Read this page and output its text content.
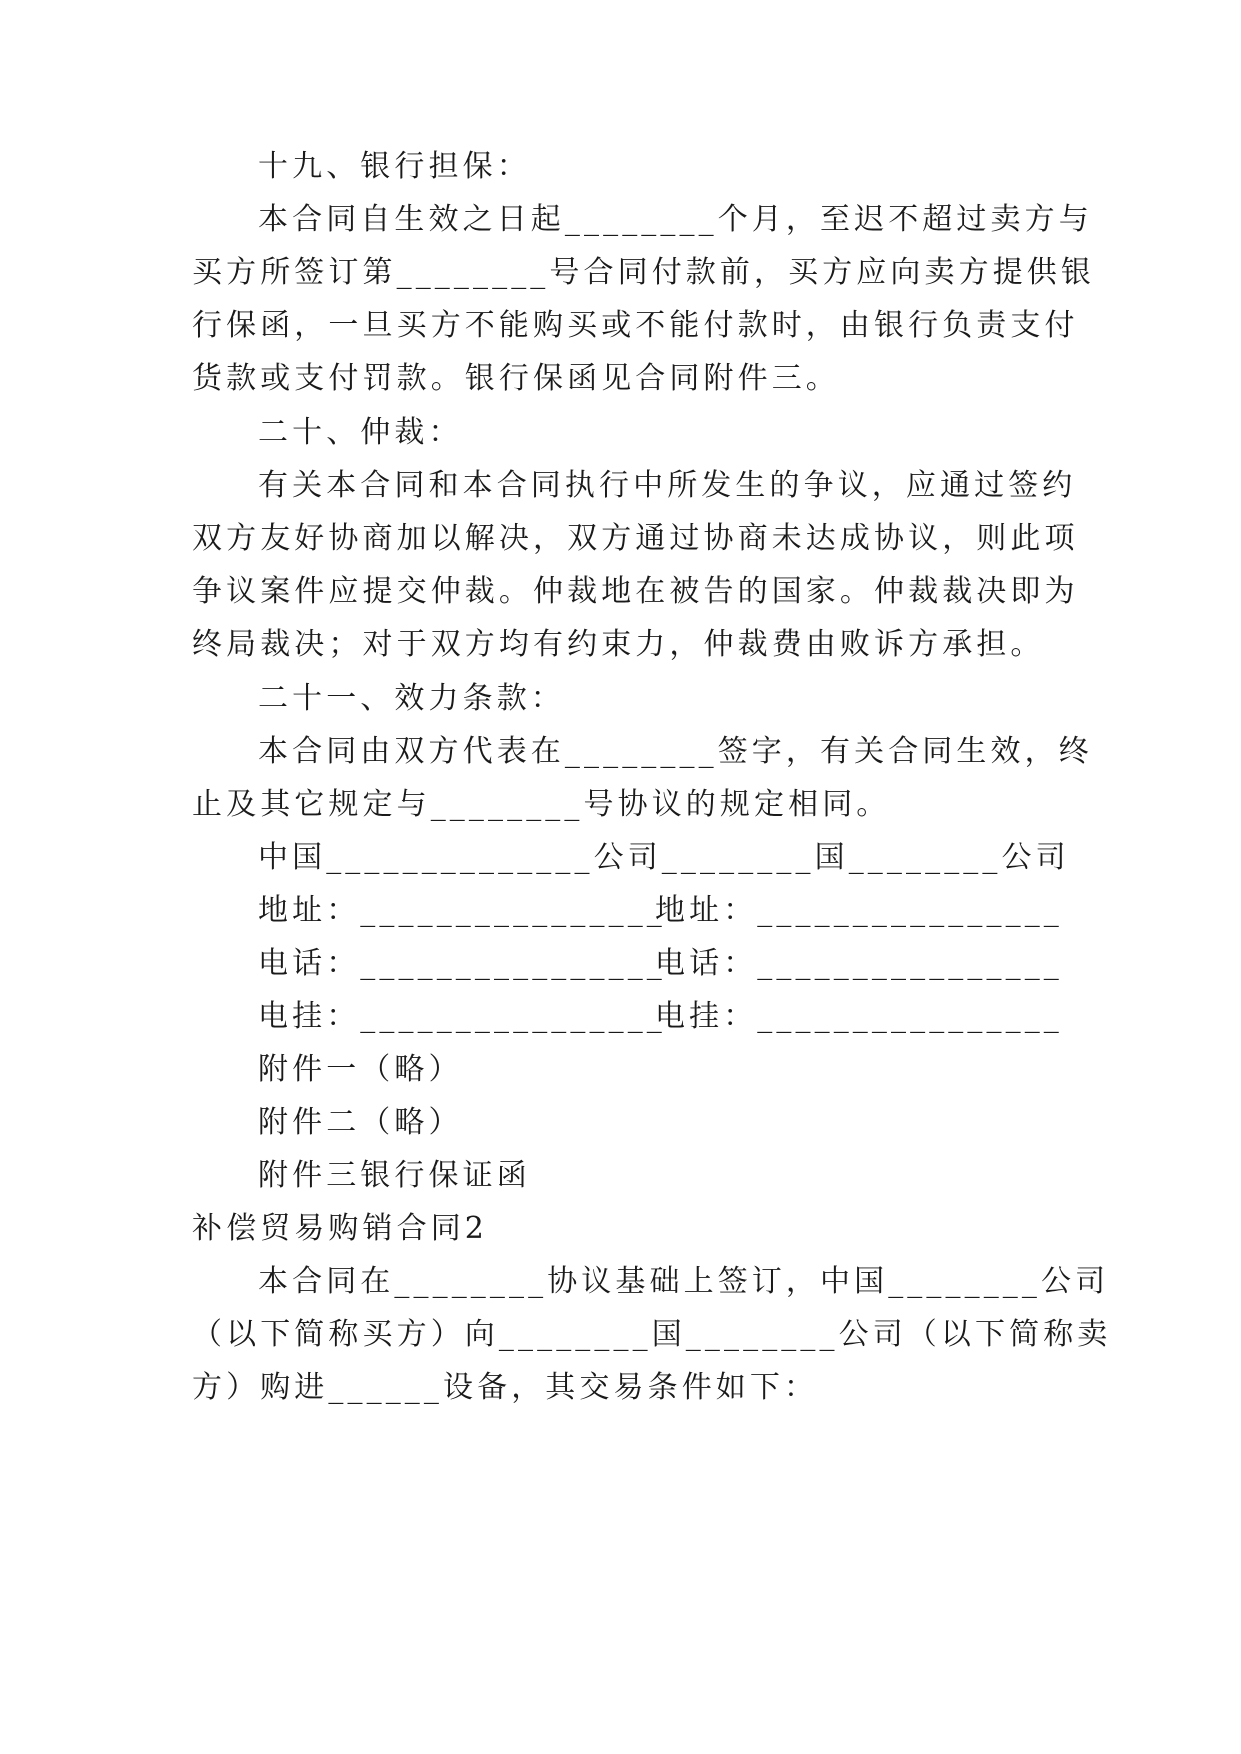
十九、银行担保：
本合同自生效之日起________个月，至迟不超过卖方与
买方所签订第________号合同付款前，买方应向卖方提供银
行保函，一旦买方不能购买或不能付款时，由银行负责支付
货款或支付罚款。银行保函见合同附件三。
二十、仲裁：
有关本合同和本合同执行中所发生的争议，应通过签约
双方友好协商加以解决，双方通过协商未达成协议，则此项
争议案件应提交仲裁。仲裁地在被告的国家。仲裁裁决即为
终局裁决；对于双方均有约束力，仲裁费由败诉方承担。
二十一、效力条款：
本合同由双方代表在________签字，有关合同生效，终
止及其它规定与________号协议的规定相同。
中国______________公司________国________公司
地址：________________
地址：________________
电话：________________
电话：________________
电挂：________________
电挂：________________
附件一（略）
附件二（略）
附件三银行保证函
补偿贸易购销合同2
本合同在________协议基础上签订，中国________公司
（以下简称买方）向________国________公司（以下简称卖
方）购进______设备，其交易条件如下：
